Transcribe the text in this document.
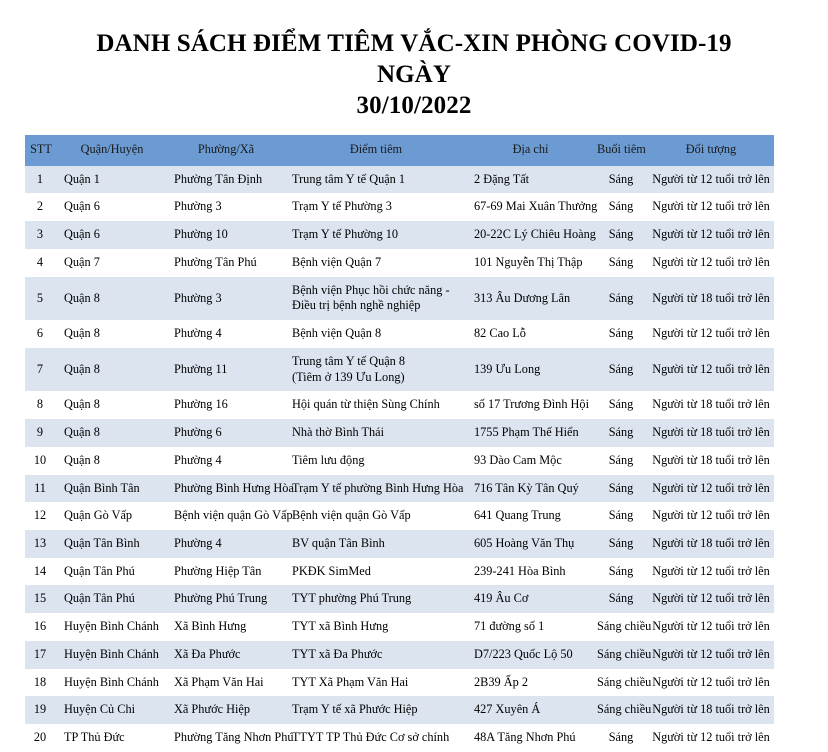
DANH SÁCH ĐIỂM TIÊM VẮC-XIN PHÒNG COVID-19 NGÀY
30/10/2022
STT	Quận/Huyện	Phường/Xã	Điểm tiêm	Địa chỉ	Buổi tiêm	Đối tượng
1	Quận 1	Phường Tân Định	Trung tâm Y tế Quận 1	2 Đặng Tất	Sáng	Người từ 12 tuổi trở lên
2	Quận 6	Phường 3	Trạm Y tế Phường 3	67-69 Mai Xuân Thưởng	Sáng	Người từ 12 tuổi trở lên
3	Quận 6	Phường 10	Trạm Y tế Phường 10	20-22C Lý Chiêu Hoàng	Sáng	Người từ 12 tuổi trở lên
4	Quận 7	Phường Tân Phú	Bệnh viện Quận 7	101 Nguyễn Thị Thập	Sáng	Người từ 12 tuổi trở lên
5	Quận 8	Phường 3	Bệnh viện Phục hồi chức năng -
Điều trị bệnh nghề nghiệp	313 Âu Dương Lân	Sáng	Người từ 18 tuổi trở lên
6	Quận 8	Phường 4	Bệnh viện Quận 8	82 Cao Lỗ	Sáng	Người từ 12 tuổi trở lên
7	Quận 8	Phường 11	Trung tâm Y tế Quận 8
(Tiêm ở 139 Ưu Long)	139 Ưu Long	Sáng	Người từ 12 tuổi trở lên
8	Quận 8	Phường 16	Hội quán từ thiện Sùng Chính	số 17 Trương Đình Hội	Sáng	Người từ 18 tuổi trở lên
9	Quận 8	Phường 6	Nhà thờ Bình Thái	1755 Phạm Thế Hiển	Sáng	Người từ 18 tuổi trở lên
10	Quận 8	Phường 4	Tiêm lưu động	93 Dào Cam Mộc	Sáng	Người từ 18 tuổi trở lên
11	Quận Bình Tân	Phường Bình Hưng Hòa	Trạm Y tế phường Bình Hưng Hòa	716 Tân Kỳ Tân Quý	Sáng	Người từ 12 tuổi trở lên
12	Quận Gò Vấp	Bệnh viện quận Gò Vấp	Bệnh viện quận Gò Vấp	641 Quang Trung	Sáng	Người từ 12 tuổi trở lên
13	Quận Tân Bình	Phường 4	BV quận Tân Bình	605 Hoàng Văn Thụ	Sáng	Người từ 18 tuổi trở lên
14	Quận Tân Phú	Phường Hiệp Tân	PKĐK SimMed	239-241 Hòa Bình	Sáng	Người từ 12 tuổi trở lên
15	Quận Tân Phú	Phường Phú Trung	TYT phường Phú Trung	419 Âu Cơ	Sáng	Người từ 12 tuổi trở lên
16	Huyện Bình Chánh	Xã Bình Hưng	TYT xã Bình Hưng	71 đường số 1	Sáng chiều	Người từ 12 tuổi trở lên
17	Huyện Bình Chánh	Xã Đa Phước	TYT xã Đa Phước	D7/223 Quốc Lộ 50	Sáng chiều	Người từ 12 tuổi trở lên
18	Huyện Bình Chánh	Xã Phạm Văn Hai	TYT Xã Phạm Văn Hai	2B39 Ấp 2	Sáng chiều	Người từ 12 tuổi trở lên
19	Huyện Củ Chi	Xã Phước Hiệp	Trạm Y tế xã Phước Hiệp	427 Xuyên Á	Sáng chiều	Người từ 18 tuổi trở lên
20	TP Thủ Đức	Phường Tăng Nhơn Phú	TTYT TP Thủ Đức Cơ sở chính	48A Tăng Nhơn Phú	Sáng	Người từ 12 tuổi trở lên
